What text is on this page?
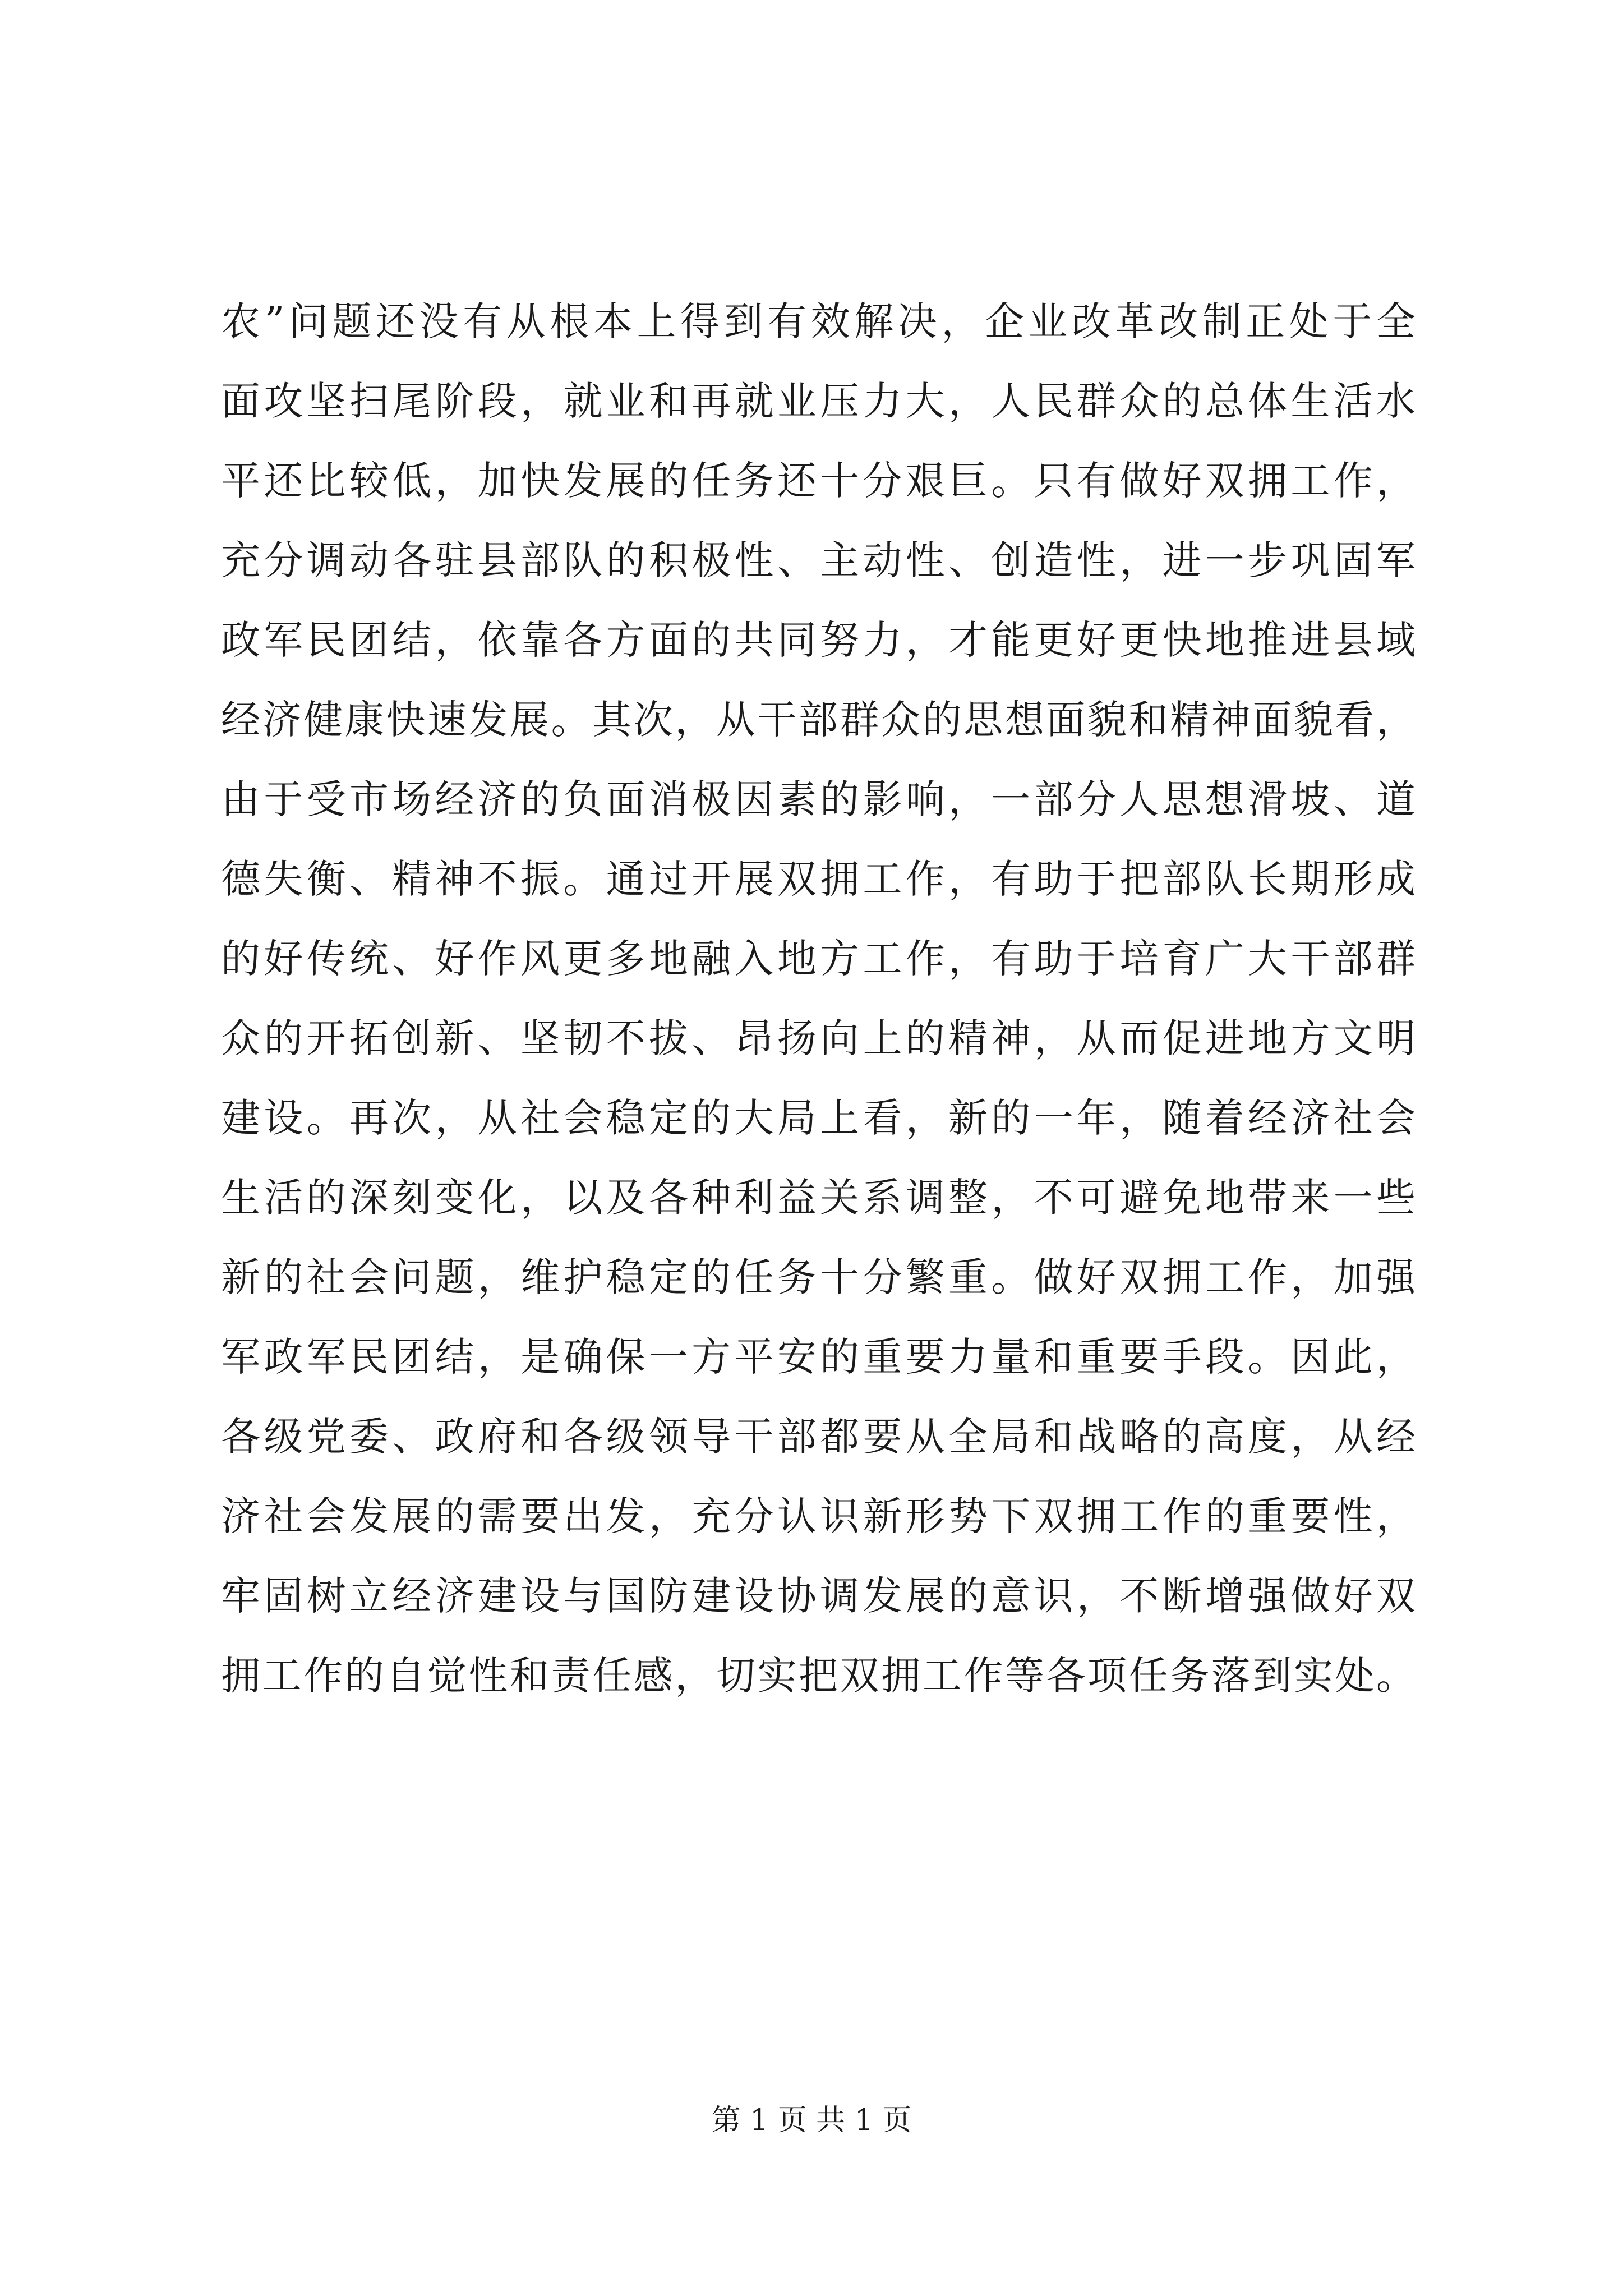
农”问题还没有从根本上得到有效解决，企业改革改制正处于全
面攻坚扫尾阶段，就业和再就业压力大，人民群众的总体生活水
平还比较低，加快发展的任务还十分艰巨。只有做好双拥工作，
充分调动各驻县部队的积极性、主动性、创造性，进一步巩固军
政军民团结，依靠各方面的共同努力，才能更好更快地推进县域
经济健康快速发展。其次，从干部群众的思想面貌和精神面貌看，
由于受市场经济的负面消极因素的影响，一部分人思想滑坡、道
德失衡、精神不振。通过开展双拥工作，有助于把部队长期形成
的好传统、好作风更多地融入地方工作，有助于培育广大干部群
众的开拓创新、坚韧不拔、昂扬向上的精神，从而促进地方文明
建设。再次，从社会稳定的大局上看，新的一年，随着经济社会
生活的深刻变化，以及各种利益关系调整，不可避免地带来一些
新的社会问题，维护稳定的任务十分繁重。做好双拥工作，加强
军政军民团结，是确保一方平安的重要力量和重要手段。因此，
各级党委、政府和各级领导干部都要从全局和战略的高度，从经
济社会发展的需要出发，充分认识新形势下双拥工作的重要性，
牢固树立经济建设与国防建设协调发展的意识，不断增强做好双
拥工作的自觉性和责任感，切实把双拥工作等各项任务落到实处。
第 1 页 共 1 页
